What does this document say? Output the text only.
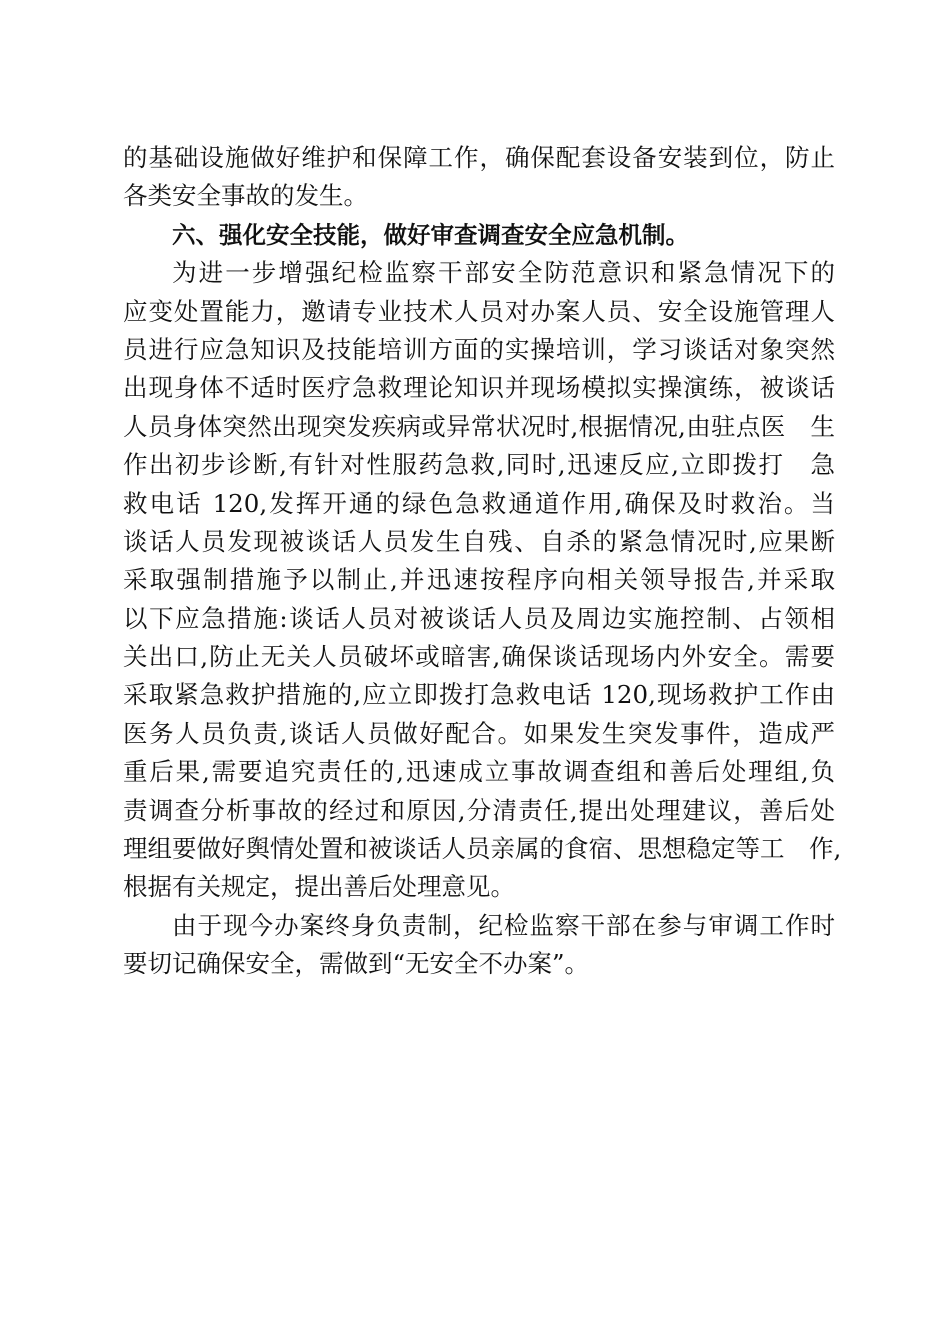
的基础设施做好维护和保障工作，确保配套设备安装到位，防止
各类安全事故的发生。
六、强化安全技能，做好审查调查安全应急机制。
为进一步增强纪检监察干部安全防范意识和紧急情况下的
应变处置能力，邀请专业技术人员对办案人员、安全设施管理人
员进行应急知识及技能培训方面的实操培训，学习谈话对象突然
出现身体不适时医疗急救理论知识并现场模拟实操演练，被谈话
人员身体突然出现突发疾病或异常状况时,根据情况,由驻点医　生
作出初步诊断,有针对性服药急救,同时,迅速反应,立即拨打　急
救电话 120,发挥开通的绿色急救通道作用,确保及时救治。当
谈话人员发现被谈话人员发生自残、自杀的紧急情况时,应果断
采取强制措施予以制止,并迅速按程序向相关领导报告,并采取
以下应急措施:谈话人员对被谈话人员及周边实施控制、占领相
关出口,防止无关人员破坏或暗害,确保谈话现场内外安全。需要
采取紧急救护措施的,应立即拨打急救电话 120,现场救护工作由
医务人员负责,谈话人员做好配合。如果发生突发事件，造成严
重后果,需要追究责任的,迅速成立事故调查组和善后处理组,负
责调查分析事故的经过和原因,分清责任,提出处理建议，善后处
理组要做好舆情处置和被谈话人员亲属的食宿、思想稳定等工　作,
根据有关规定，提出善后处理意见。
由于现今办案终身负责制，纪检监察干部在参与审调工作时
要切记确保安全，需做到“无安全不办案”。
